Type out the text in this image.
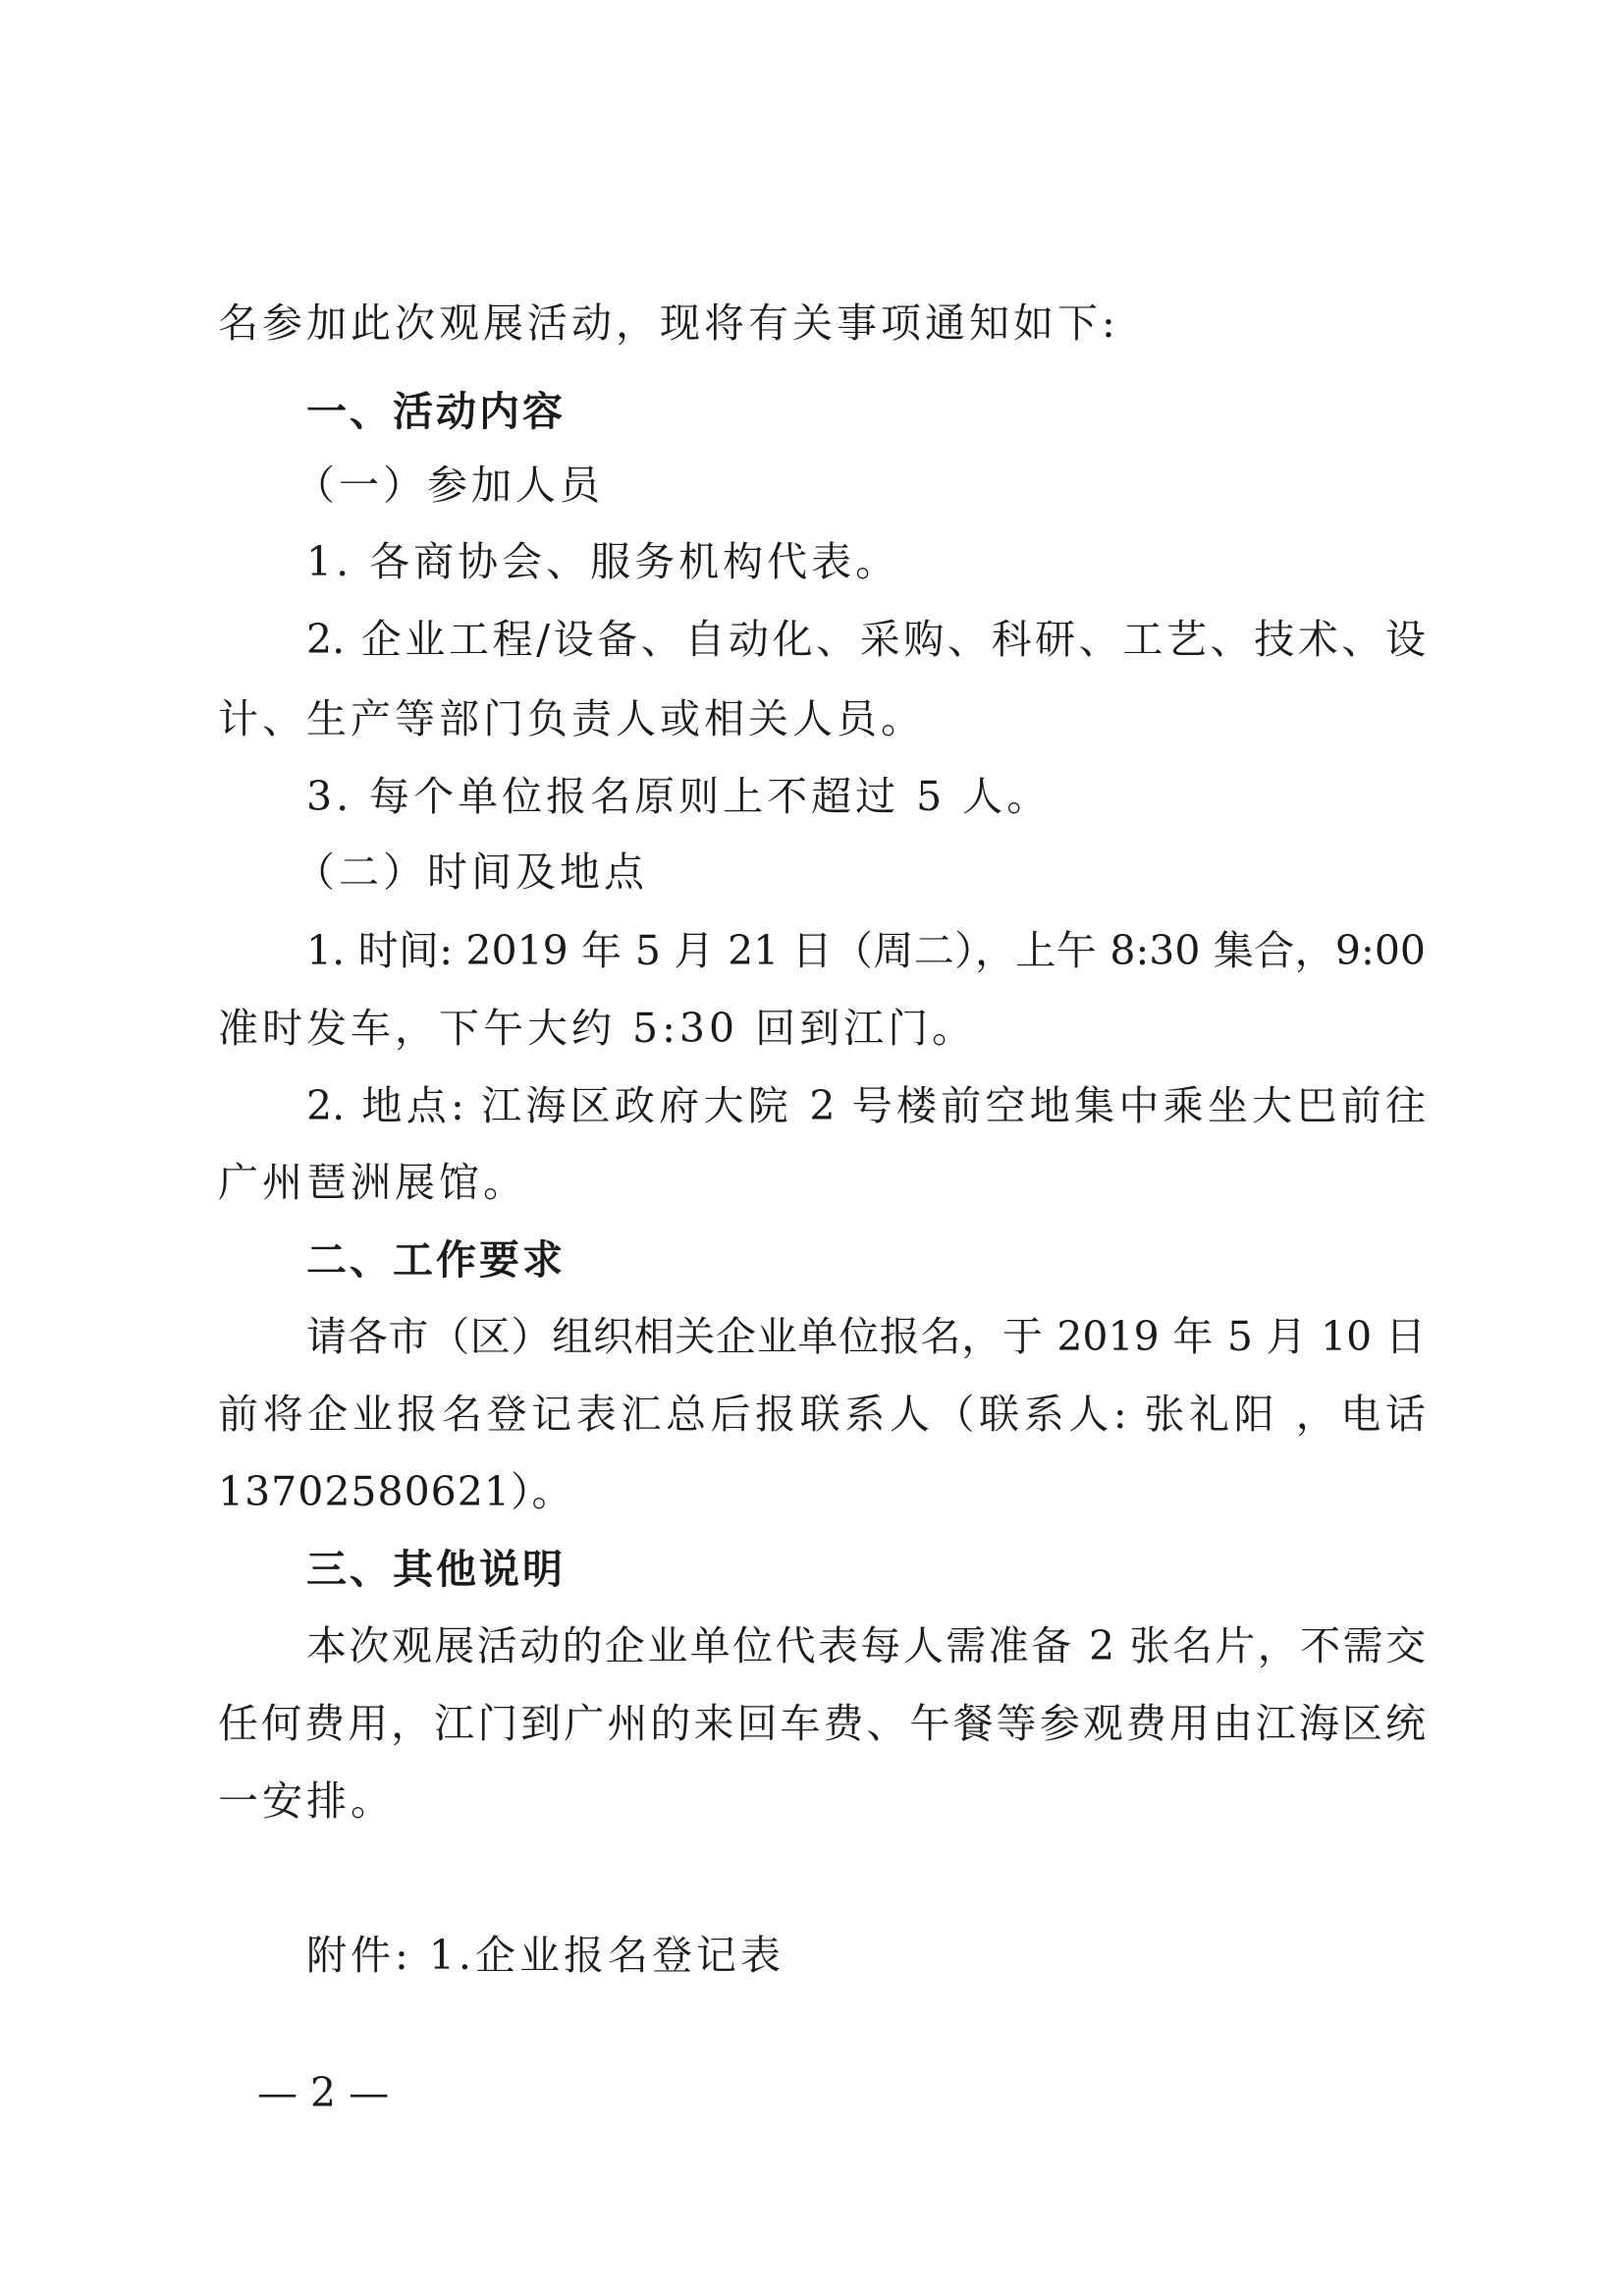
名参加此次观展活动，现将有关事项通知如下:
一、活动内容
（一）参加人员
1. 各商协会、服务机构代表。
2. 企业工程/设备、自动化、采购、科研、工艺、技术、设
计、生产等部门负责人或相关人员。
3. 每个单位报名原则上不超过 5 人。
（二）时间及地点
1. 时间: 2019 年 5 月 21 日（周二），上午 8:30 集合，9:00
准时发车，下午大约 5:30 回到江门。
2. 地点: 江海区政府大院 2 号楼前空地集中乘坐大巴前往
广州琶洲展馆。
二、工作要求
请各市（区）组织相关企业单位报名，于 2019 年 5 月 10 日
前将企业报名登记表汇总后报联系人（联系人: 张礼阳 ，电话
13702580621）。
三、其他说明
本次观展活动的企业单位代表每人需准备 2 张名片，不需交
任何费用，江门到广州的来回车费、午餐等参观费用由江海区统
一安排。
附件: 1.企业报名登记表
— 2 —
